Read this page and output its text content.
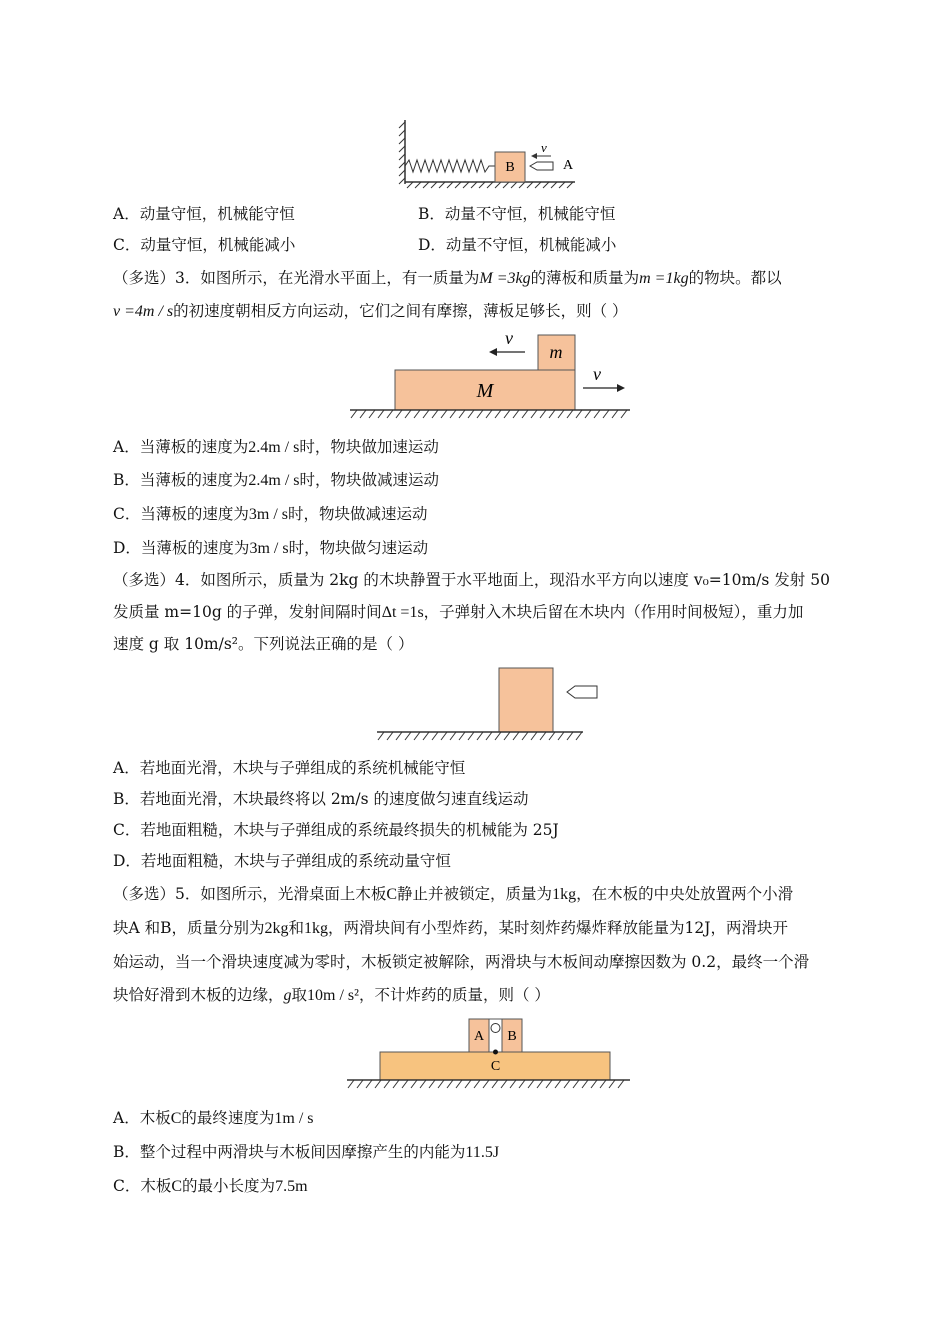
B	A
v
A．动量守恒，机械能守恒	B．动量不守恒，机械能守恒
C．动量守恒，机械能减小	D．动量不守恒，机械能减小
（多选）3．如图所示，在光滑水平面上，有一质量为M =3kg的薄板和质量为m =1kg的物块。都以
v =4m / s的初速度朝相反方向运动，它们之间有摩擦，薄板足够长，则（ ）
M
m
v
v
A．当薄板的速度为2.4m / s时，物块做加速运动
B．当薄板的速度为2.4m / s时，物块做减速运动
C．当薄板的速度为3m / s时，物块做减速运动
D．当薄板的速度为3m / s时，物块做匀速运动
（多选）4．如图所示，质量为 2kg 的木块静置于水平地面上，现沿水平方向以速度 v₀=10m/s 发射 50
发质量 m=10g 的子弹，发射间隔时间Δt =1s，子弹射入木块后留在木块内（作用时间极短），重力加
速度 g 取 10m/s²。下列说法正确的是（ ）
A．若地面光滑，木块与子弹组成的系统机械能守恒
B．若地面光滑，木块最终将以 2m/s 的速度做匀速直线运动
C．若地面粗糙，木块与子弹组成的系统最终损失的机械能为 25J
D．若地面粗糙，木块与子弹组成的系统动量守恒
（多选）5．如图所示，光滑桌面上木板C静止并被锁定，质量为1kg，在木板的中央处放置两个小滑
块A 和B，质量分别为2kg和1kg，两滑块间有小型炸药，某时刻炸药爆炸释放能量为12J，两滑块开
始运动，当一个滑块速度减为零时，木板锁定被解除，两滑块与木板间动摩擦因数为 0.2，最终一个滑
块恰好滑到木板的边缘，g取10m / s²，不计炸药的质量，则（ ）
A B
C
A．木板C的最终速度为1m / s
B．整个过程中两滑块与木板间因摩擦产生的内能为11.5J
C．木板C的最小长度为7.5m
